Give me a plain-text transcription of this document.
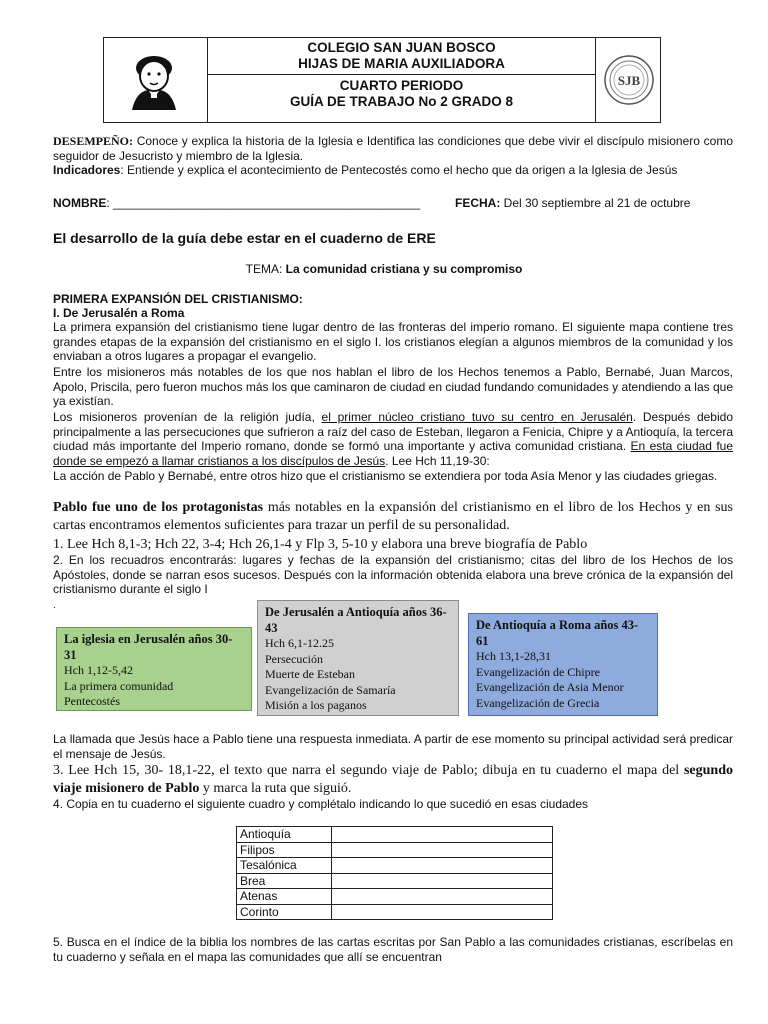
COLEGIO SAN JUAN BOSCO
HIJAS DE MARIA AUXILIADORA
CUARTO PERIODO
GUÍA DE TRABAJO No 2 GRADO 8
SJB
DESEMPEÑO: Conoce y explica la historia de la Iglesia e Identifica las condiciones que debe vivir el discípulo misionero como seguidor de Jesucristo y miembro de la Iglesia.
Indicadores: Entiende y explica el acontecimiento de Pentecostés como el hecho que da origen a la Iglesia de Jesús
NOMBRE: ______________________________________________	FECHA: Del 30 septiembre al 21 de octubre
El desarrollo de la guía debe estar en el cuaderno de ERE
TEMA: La comunidad cristiana y su compromiso
PRIMERA EXPANSIÓN DEL CRISTIANISMO:
I. De Jerusalén a Roma
La primera expansión del cristianismo tiene lugar dentro de las fronteras del imperio romano. El siguiente mapa contiene tres grandes etapas de la expansión del cristianismo en el siglo I. los cristianos elegían a algunos miembros de la comunidad y los enviaban a otros lugares a propagar el evangelio.
Entre los misioneros más notables de los que nos hablan el libro de los Hechos tenemos a Pablo, Bernabé, Juan Marcos, Apolo, Priscila, pero fueron muchos más los que caminaron de ciudad en ciudad fundando comunidades y atendiendo a las que ya existían.
Los misioneros provenían de la religión judía, el primer núcleo cristiano tuvo su centro en Jerusalén. Después debido principalmente a las persecuciones que sufrieron a raíz del caso de Esteban, llegaron a Fenicia, Chipre y a Antioquía, la tercera ciudad más importante del Imperio romano, donde se formó una importante y activa comunidad cristiana. En esta ciudad fue donde se empezó a llamar cristianos a los discípulos de Jesús. Lee Hch 11,19-30:
La acción de Pablo y Bernabé, entre otros hizo que el cristianismo se extendiera por toda Asía Menor y las ciudades griegas.
Pablo fue uno de los protagonistas más notables en la expansión del cristianismo en el libro de los Hechos y en sus cartas encontramos elementos suficientes para trazar un perfil de su personalidad.
1. Lee Hch 8,1-3; Hch 22, 3-4; Hch 26,1-4 y Flp 3, 5-10 y elabora una breve biografía de Pablo
2. En los recuadros encontrarás: lugares y fechas de la expansión del cristianismo; citas del libro de los Hechos de los Apóstoles, donde se narran esos sucesos. Después con la información obtenida elabora una breve crónica de la expansión del cristianismo durante el siglo I
.
La iglesia en Jerusalén años 30-31
Hch 1,12-5,42
La primera comunidad
Pentecostés
De Jerusalén a Antioquía años 36-43
Hch 6,1-12.25
Persecución
Muerte de Esteban
Evangelización de Samaría
Misión a los paganos
De Antioquía a Roma años 43-61
Hch 13,1-28,31
Evangelización de Chipre
Evangelización de Asia Menor
Evangelización de Grecia
La llamada que Jesús hace a Pablo tiene una respuesta inmediata. A partir de ese momento su principal actividad será predicar el mensaje de Jesús.
3. Lee Hch 15, 30- 18,1-22, el texto que narra el segundo viaje de Pablo; dibuja en tu cuaderno el mapa del segundo viaje misionero de Pablo y marca la ruta que siguió.
4. Copia en tu cuaderno el siguiente cuadro y complétalo indicando lo que sucedió en esas ciudades
Antioquía	
Filipos	
Tesalónica	
Brea	
Atenas	
Corinto	
5. Busca en el índice de la biblia los nombres de las cartas escritas por San Pablo a las comunidades cristianas, escríbelas en tu cuaderno y señala en el mapa las comunidades que allí se encuentran
